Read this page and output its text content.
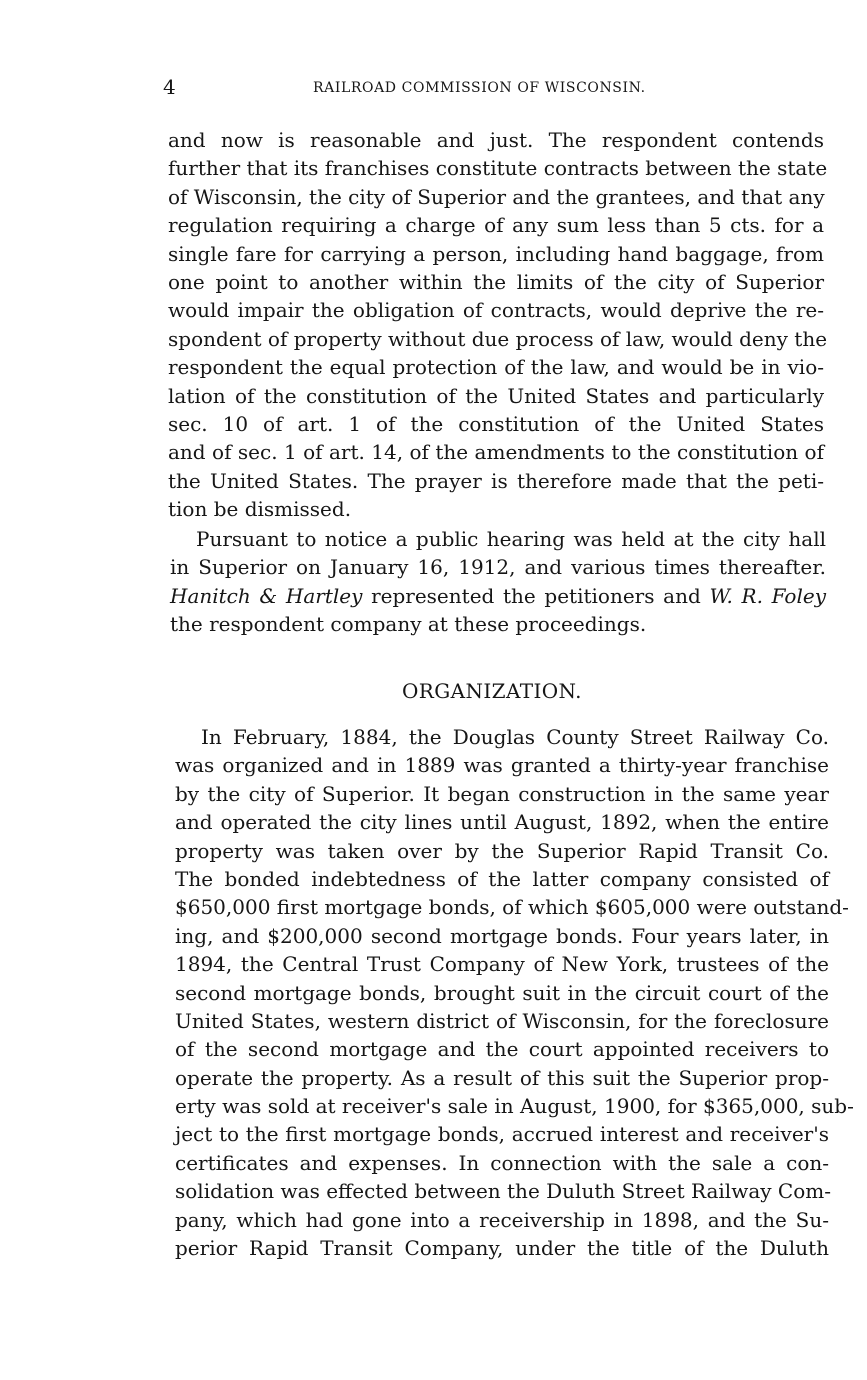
4	RAILROAD COMMISSION OF WISCONSIN.
and now is reasonable and just. The respondent contends
further that its franchises constitute contracts between the state
of Wisconsin, the city of Superior and the grantees, and that any
regulation requiring a charge of any sum less than 5 cts. for a
single fare for carrying a person, including hand baggage, from
one point to another within the limits of the city of Superior
would impair the obligation of contracts, would deprive the re-
spondent of property without due process of law, would deny the
respondent the equal protection of the law, and would be in vio-
lation of the constitution of the United States and particularly
sec. 10 of art. 1 of the constitution of the United States
and of sec. 1 of art. 14, of the amendments to the constitution of
the United States. The prayer is therefore made that the peti-
tion be dismissed.
Pursuant to notice a public hearing was held at the city hall
in Superior on January 16, 1912, and various times thereafter.
Hanitch & Hartley represented the petitioners and W. R. Foley
the respondent company at these proceedings.
ORGANIZATION.
In February, 1884, the Douglas County Street Railway Co.
was organized and in 1889 was granted a thirty-year franchise
by the city of Superior. It began construction in the same year
and operated the city lines until August, 1892, when the entire
property was taken over by the Superior Rapid Transit Co.
The bonded indebtedness of the latter company consisted of
$650,000 first mortgage bonds, of which $605,000 were outstand-
ing, and $200,000 second mortgage bonds. Four years later, in
1894, the Central Trust Company of New York, trustees of the
second mortgage bonds, brought suit in the circuit court of the
United States, western district of Wisconsin, for the foreclosure
of the second mortgage and the court appointed receivers to
operate the property. As a result of this suit the Superior prop-
erty was sold at receiver's sale in August, 1900, for $365,000, sub-
ject to the first mortgage bonds, accrued interest and receiver's
certificates and expenses. In connection with the sale a con-
solidation was effected between the Duluth Street Railway Com-
pany, which had gone into a receivership in 1898, and the Su-
perior Rapid Transit Company, under the title of the Duluth
